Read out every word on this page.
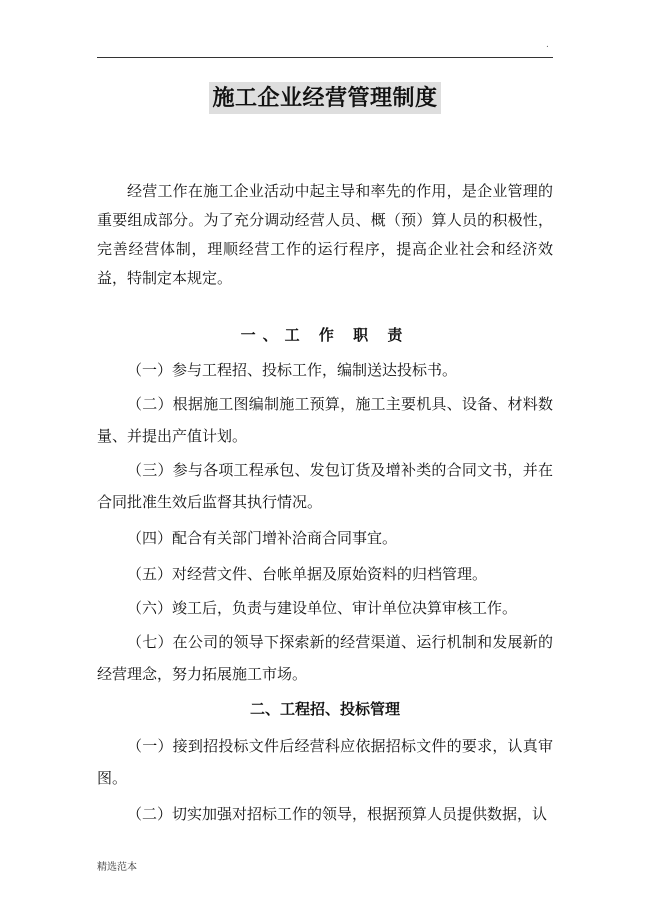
.
施工企业经营管理制度
经营工作在施工企业活动中起主导和率先的作用，是企业管理的重要组成部分。为了充分调动经营人员、概（预）算人员的积极性，完善经营体制，理顺经营工作的运行程序，提高企业社会和经济效益，特制定本规定。
一、工 作 职 责
（一）参与工程招、投标工作，编制送达投标书。
（二）根据施工图编制施工预算，施工主要机具、设备、材料数量、并提出产值计划。
（三）参与各项工程承包、发包订货及增补类的合同文书，并在合同批准生效后监督其执行情况。
（四）配合有关部门增补洽商合同事宜。
（五）对经营文件、台帐单据及原始资料的归档管理。
（六）竣工后，负责与建设单位、审计单位决算审核工作。
（七）在公司的领导下探索新的经营渠道、运行机制和发展新的经营理念，努力拓展施工市场。
二、工程招、投标管理
（一）接到招投标文件后经营科应依据招标文件的要求，认真审图。
（二）切实加强对招标工作的领导，根据预算人员提供数据，认
精选范本
